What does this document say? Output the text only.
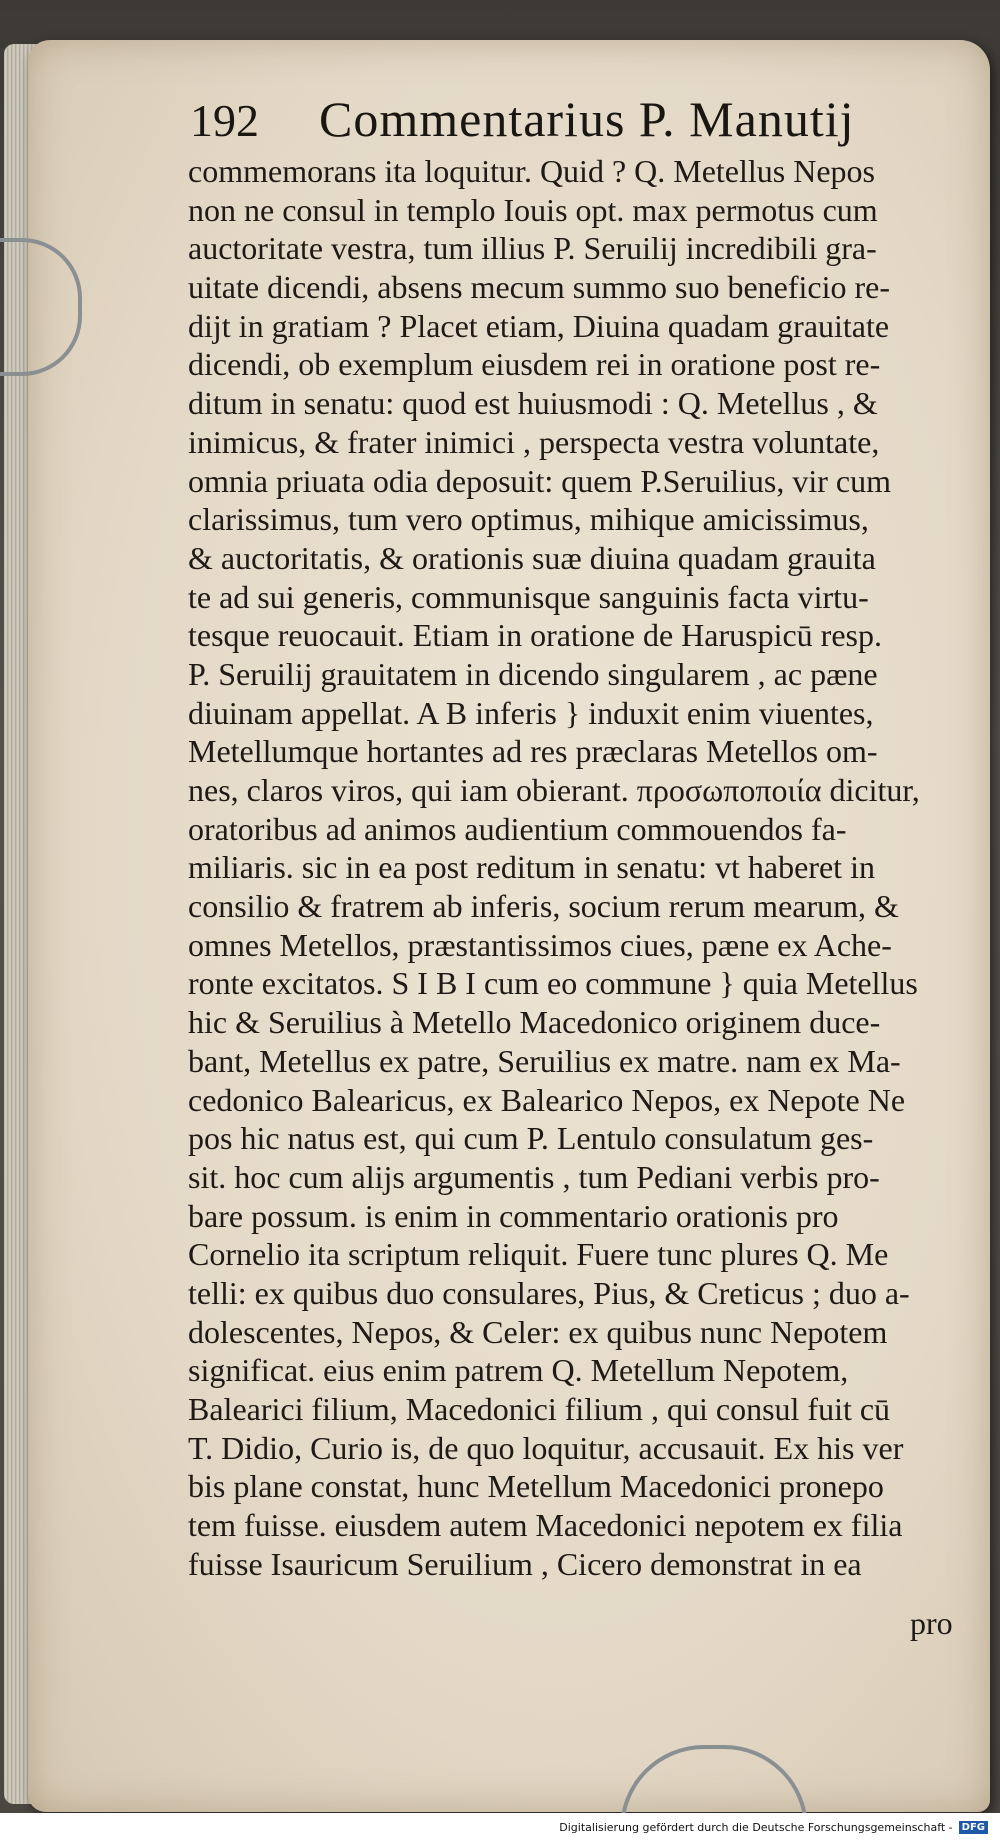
192 Commentarius P. Manutij
commemorans ita loquitur. Quid ? Q. Metellus Nepos
non ne consul in templo Iouis opt. max permotus cum
auctoritate vestra, tum illius P. Seruilij incredibili gra-
uitate dicendi, absens mecum summo suo beneficio re-
dijt in gratiam ? Placet etiam, Diuina quadam grauitate
dicendi, ob exemplum eiusdem rei in oratione post re-
ditum in senatu: quod est huiusmodi : Q. Metellus , &
inimicus, & frater inimici , perspecta vestra voluntate,
omnia priuata odia deposuit: quem P.Seruilius, vir cum
clarissimus, tum vero optimus, mihique amicissimus,
& auctoritatis, & orationis suæ diuina quadam grauita
te ad sui generis, communisque sanguinis facta virtu-
tesque reuocauit. Etiam in oratione de Haruspicū resp.
P. Seruilij grauitatem in dicendo singularem , ac pæne
diuinam appellat. A B inferis } induxit enim viuentes,
Metellumque hortantes ad res præclaras Metellos om-
nes, claros viros, qui iam obierant. προσωποποιία dicitur,
oratoribus ad animos audientium commouendos fa-
miliaris. sic in ea post reditum in senatu: vt haberet in
consilio & fratrem ab inferis, socium rerum mearum, &
omnes Metellos, præstantissimos ciues, pæne ex Ache-
ronte excitatos. S I B I cum eo commune } quia Metellus
hic & Seruilius à Metello Macedonico originem duce-
bant, Metellus ex patre, Seruilius ex matre. nam ex Ma-
cedonico Balearicus, ex Balearico Nepos, ex Nepote Ne
pos hic natus est, qui cum P. Lentulo consulatum ges-
sit. hoc cum alijs argumentis , tum Pediani verbis pro-
bare possum. is enim in commentario orationis pro
Cornelio ita scriptum reliquit. Fuere tunc plures Q. Me
telli: ex quibus duo consulares, Pius, & Creticus ; duo a-
dolescentes, Nepos, & Celer: ex quibus nunc Nepotem
significat. eius enim patrem Q. Metellum Nepotem,
Balearici filium, Macedonici filium , qui consul fuit cū
T. Didio, Curio is, de quo loquitur, accusauit. Ex his ver
bis plane constat, hunc Metellum Macedonici pronepo
tem fuisse. eiusdem autem Macedonici nepotem ex filia
fuisse Isauricum Seruilium , Cicero demonstrat in ea
pro
Digitalisierung gefördert durch die Deutsche Forschungsgemeinschaft - DFG
